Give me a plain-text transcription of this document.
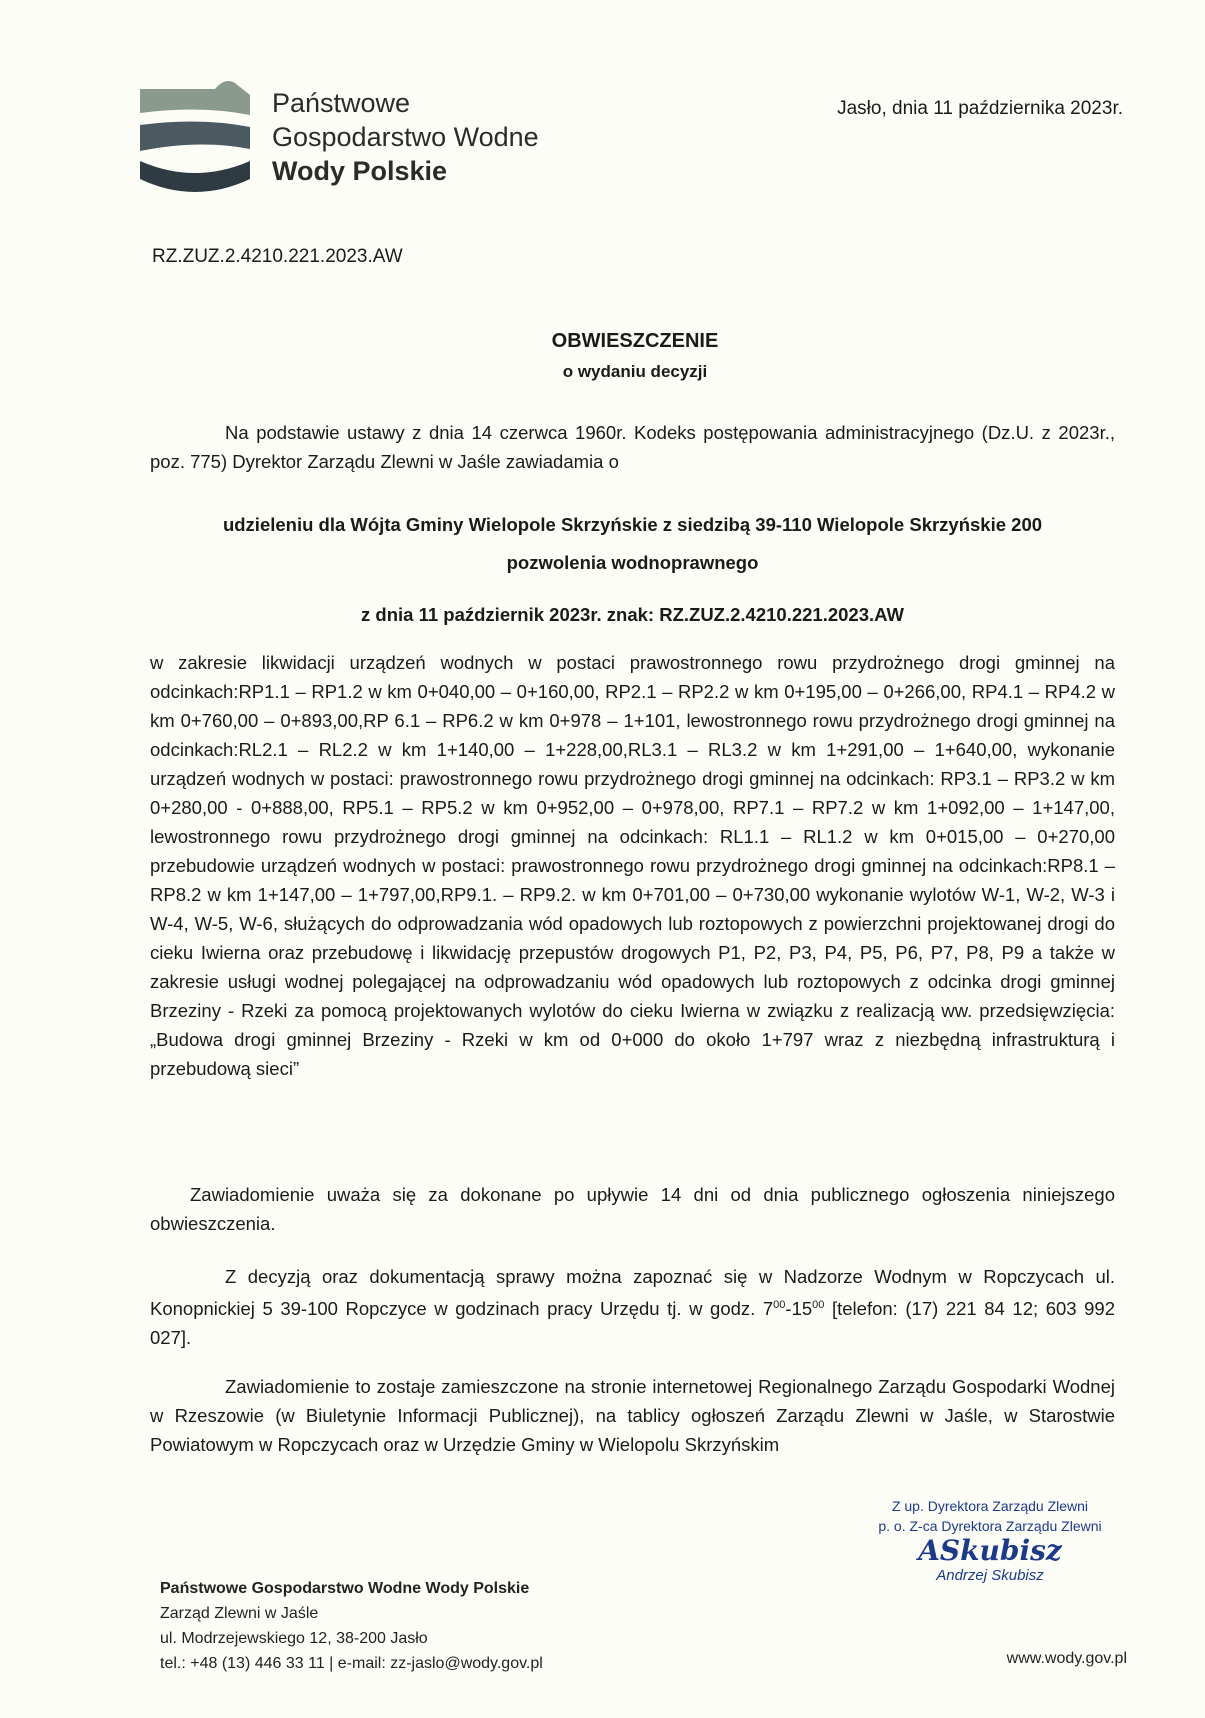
Państwowe
Gospodarstwo Wodne
Wody Polskie
Jasło, dnia 11 października 2023r.
RZ.ZUZ.2.4210.221.2023.AW
OBWIESZCZENIE
o wydaniu decyzji
Na podstawie ustawy z dnia 14 czerwca 1960r. Kodeks postępowania administracyjnego (Dz.U. z 2023r., poz. 775) Dyrektor Zarządu Zlewni w Jaśle zawiadamia o
udzieleniu dla Wójta Gminy Wielopole Skrzyńskie z siedzibą 39-110 Wielopole Skrzyńskie 200
pozwolenia wodnoprawnego
z dnia 11 październik 2023r. znak: RZ.ZUZ.2.4210.221.2023.AW
w zakresie likwidacji urządzeń wodnych w postaci prawostronnego rowu przydrożnego drogi gminnej na odcinkach:RP1.1 – RP1.2 w km 0+040,00 – 0+160,00, RP2.1 – RP2.2 w km 0+195,00 – 0+266,00, RP4.1 – RP4.2 w km 0+760,00 – 0+893,00,RP 6.1 – RP6.2 w km 0+978 – 1+101, lewostronnego rowu przydrożnego drogi gminnej na odcinkach:RL2.1 – RL2.2 w km 1+140,00 – 1+228,00,RL3.1 – RL3.2 w km 1+291,00 – 1+640,00, wykonanie urządzeń wodnych w postaci: prawostronnego rowu przydrożnego drogi gminnej na odcinkach: RP3.1 – RP3.2 w km 0+280,00 - 0+888,00, RP5.1 – RP5.2 w km 0+952,00 – 0+978,00, RP7.1 – RP7.2 w km 1+092,00 – 1+147,00, lewostronnego rowu przydrożnego drogi gminnej na odcinkach: RL1.1 – RL1.2 w km 0+015,00 – 0+270,00 przebudowie urządzeń wodnych w postaci: prawostronnego rowu przydrożnego drogi gminnej na odcinkach:RP8.1 – RP8.2 w km 1+147,00 – 1+797,00,RP9.1. – RP9.2. w km 0+701,00 – 0+730,00 wykonanie wylotów W-1, W-2, W-3 i W-4, W-5, W-6, służących do odprowadzania wód opadowych lub roztopowych z powierzchni projektowanej drogi do cieku Iwierna oraz przebudowę i likwidację przepustów drogowych P1, P2, P3, P4, P5, P6, P7, P8, P9 a także w zakresie usługi wodnej polegającej na odprowadzaniu wód opadowych lub roztopowych z odcinka drogi gminnej Brzeziny - Rzeki za pomocą projektowanych wylotów do cieku Iwierna w związku z realizacją ww. przedsięwzięcia: „Budowa drogi gminnej Brzeziny - Rzeki w km od 0+000 do około 1+797 wraz z niezbędną infrastrukturą i przebudową sieci”
Zawiadomienie uważa się za dokonane po upływie 14 dni od dnia publicznego ogłoszenia niniejszego obwieszczenia.
Z decyzją oraz dokumentacją sprawy można zapoznać się w Nadzorze Wodnym w Ropczycach ul. Konopnickiej 5 39-100 Ropczyce w godzinach pracy Urzędu tj. w godz. $7^{00}-15^{00}$ [telefon: (17) 221 84 12; 603 992 027].
Zawiadomienie to zostaje zamieszczone na stronie internetowej Regionalnego Zarządu Gospodarki Wodnej w Rzeszowie (w Biuletynie Informacji Publicznej), na tablicy ogłoszeń Zarządu Zlewni w Jaśle, w Starostwie Powiatowym w Ropczycach oraz w Urzędzie Gminy w Wielopolu Skrzyńskim
Z up. Dyrektora Zarządu Zlewni
p. o. Z-ca Dyrektora Zarządu Zlewni
ASkubisz
Andrzej Skubisz
Państwowe Gospodarstwo Wodne Wody Polskie
Zarząd Zlewni w Jaśle
ul. Modrzejewskiego 12, 38-200 Jasło
tel.: +48 (13) 446 33 11 | e-mail: zz-jaslo@wody.gov.pl	www.wody.gov.pl
